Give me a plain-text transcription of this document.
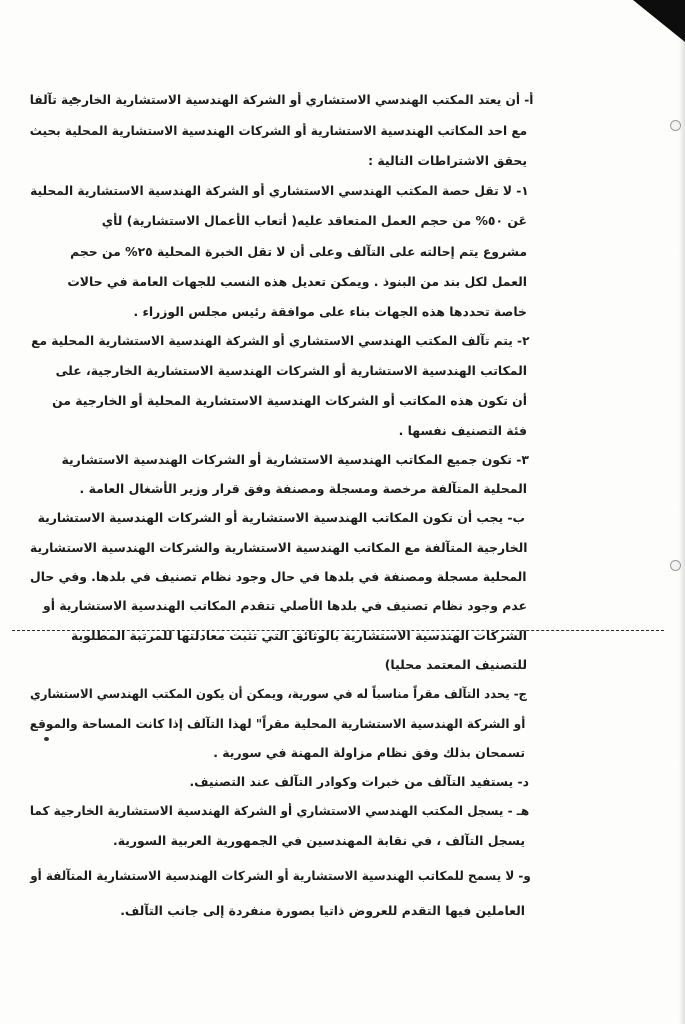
أ- أن يعتد المكتب الهندسي الاستشاري أو الشركة الهندسية الاستشارية الخارجية تآلفا
مع احد المكاتب الهندسية الاستشارية أو الشركات الهندسية الاستشارية المحلية بحيث
يحقق الاشتراطات التالية :
١- لا تقل حصة المكتب الهندسي الاستشاري أو الشركة الهندسية الاستشارية المحلية
عَن ٥٠% من حجم العمل المتعاقد عليه( أتعاب الأعمال الاستشارية) لأي
مشروع يتم إحالته على التآلف وعلى أن لا تقل الخبرة المحلية ٢٥% من حجم
العمل لكل بند من البنوذ . ويمكن تعديل هذه النسب للجهات العامة في حالات
خاصة تحددها هذه الجهات بناء على موافقة رئيس مجلس الوزراء .
٢- يتم تآلف المكتب الهندسي الاستشاري أو الشركة الهندسية الاستشارية المحلية مع
المكاتب الهندسية الاستشارية أو الشركات الهندسية الاستشارية الخارجية، على
أن تكون هذه المكاتب أو الشركات الهندسية الاستشارية المحلية أو الخارجية من
فئة التصنيف نفسها .
٣- تكون جميع المكاتب الهندسية الاستشارية أو الشركات الهندسية الاستشارية
المحلية المتآلفة مرخصة ومسجلة ومصنفة وفق قرار وزير الأشغال العامة .
ب- يجب أن تكون المكاتب الهندسية الاستشارية أو الشركات الهندسية الاستشارية
الخارجية المتآلفة مع المكاتب الهندسية الاستشارية والشركات الهندسية الاستشارية
المحلية مسجلة ومصنفة في بلدها في حال وجود نظام تصنيف في بلدها. وفي حال
عدم وجود نظام تصنيف في بلدها الأصلي تتقدم المكاتب الهندسية الاستشارية أو
الشركات الهندسية الاستشارية بالوثائق التي تثبت معادلتها للمرتبة المطلوبة
للتصنيف المعتمد محليا)
ج- يحدد التآلف مقراً مناسباً له في سورية، ويمكن أن يكون المكتب الهندسي الاستشاري
أو الشركة الهندسية الاستشارية المحلية مقراً" لهذا التآلف إذا كانت المساحة والموقع
تسمحان بذلك وفق نظام مزاولة المهنة في سورية .
د- يستفيد التآلف من خبرات وكوادر التآلف عند التصنيف.
هـ - يسجل المكتب الهندسي الاستشاري أو الشركة الهندسية الاستشارية الخارجية كما
يسجل التآلف ، في نقابة المهندسين في الجمهورية العربية السورية.
و- لا يسمح للمكاتب الهندسية الاستشارية أو الشركات الهندسية الاستشارية المتآلفة أو
العاملين فيها التقدم للعروض ذاتيا بصورة منفردة إلى جانب التآلف.
